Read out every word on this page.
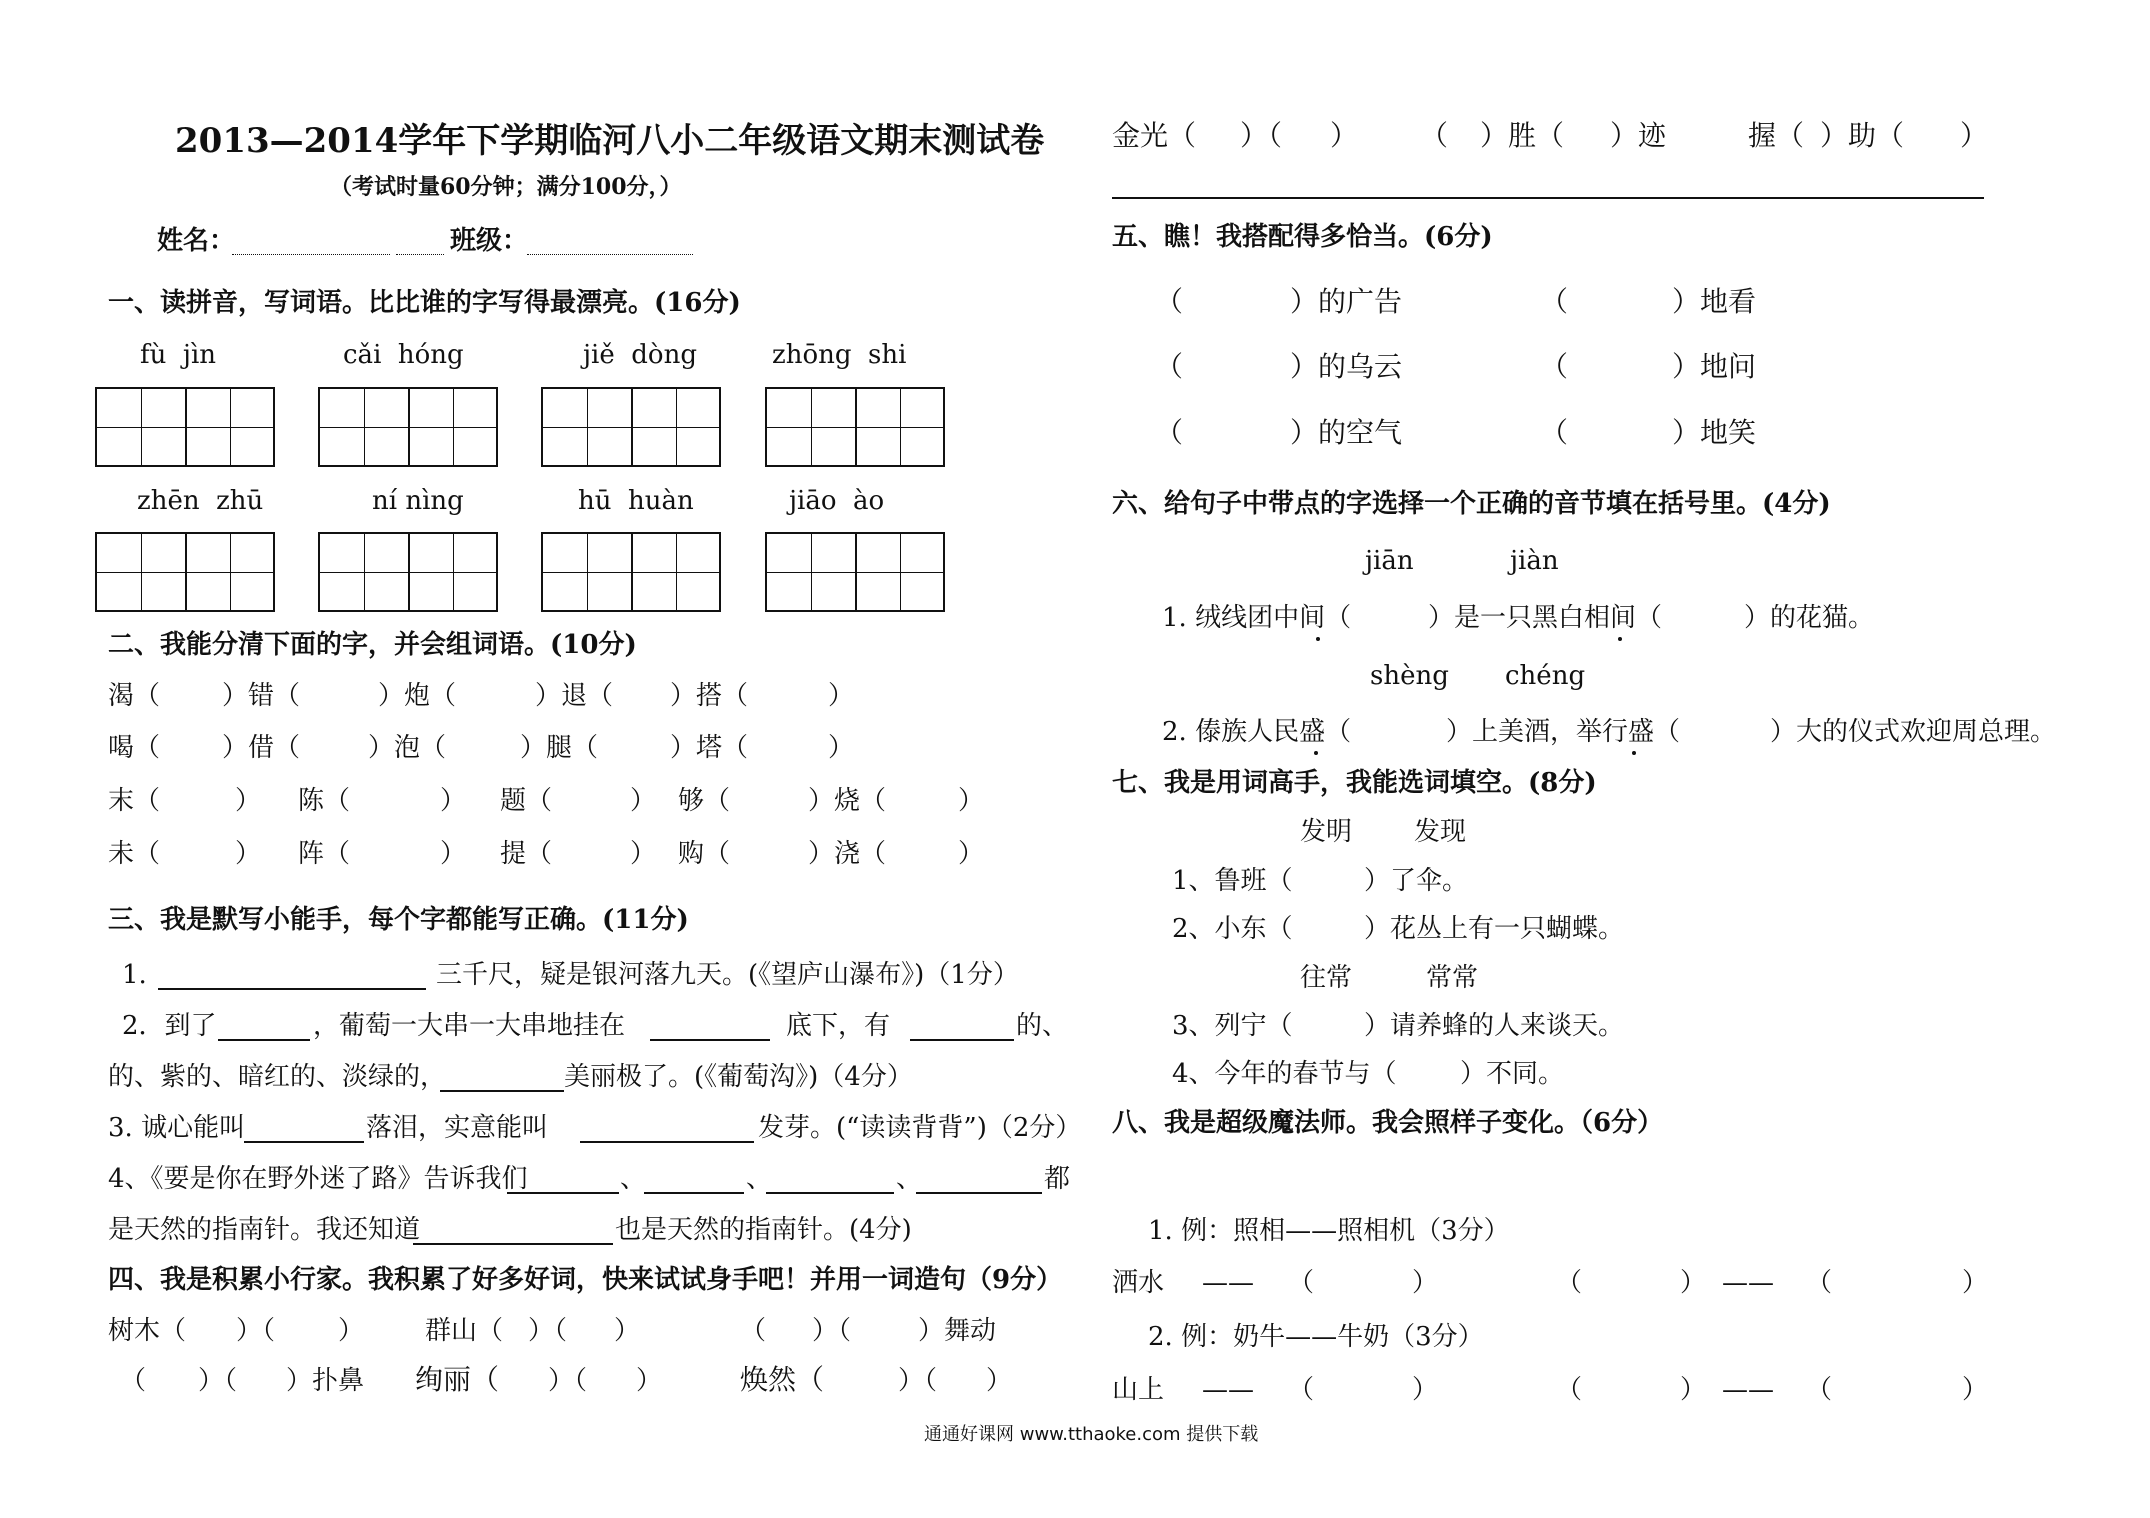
2013—2014学年下学期临河八小二年级语文期末测试卷
（考试时量60分钟；满分100分，）
姓名：	班级：
一、读拼音，写词语。比比谁的字写得最漂亮。(16分)
fù  jìn	cǎi  hóng	jiě  dòng	zhōng  shi
zhēn  zhū	ní nìng	hū  huàn	jiāo  ào
二、我能分清下面的字，并会组词语。(10分)
渴（ ）错（	）炮（	）退（ ）搭（	）
喝（ ）借（	）泡（	）腿（	）塔（	）
末（	） 陈（	） 题（	） 够（	）烧（	）
未（	） 阵（	） 提（	） 购（	）浇（	）
三、我是默写小能手，每个字都能写正确。(11分)
1.	三千尺，疑是银河落九天。(《望庐山瀑布》)（1分）
2．到了	，葡萄一大串一大串地挂在	底下，有	的、
的、紫的、暗红的、淡绿的，	美丽极了。(《葡萄沟》)（4分）
3. 诚心能叫	落泪，实意能叫	发芽。(“读读背背”)（2分）
4、《要是你在野外迷了路》告诉我们	、	、	、	都
是天然的指南针。我还知道	也是天然的指南针。(4分)
四、我是积累小行家。我积累了好多好词，快来试试身手吧！并用一词造句（9分）
树木（ ）（ ） 群山（ ）（ ）	（ ）（	）舞动
（ ）（ ）扑鼻 绚丽（ ）（ ）	焕然（	）（ ）
金光（ ）（ ） （ ）胜（ ）迹	握（ ）助（ ）
五、瞧！我搭配得多恰当。(6分)
（	）的广告	（	）地看
（	）的乌云	（	）地问
（	）的空气	（	）地笑
六、给句子中带点的字选择一个正确的音节填在括号里。(4分)
jiān	jiàn
1. 绒线团中间（	）是一只黑白相间（	）的花猫。
shèng chéng
2. 傣族人民盛（	）上美酒，举行盛（	）大的仪式欢迎周总理。
七、我是用词高手，我能选词填空。(8分)
发明 发现
1、鲁班（	）了伞。
2、小东（	）花丛上有一只蝴蝶。
往常	常常
3、列宁（	）请养蜂的人来谈天。
4、今年的春节与（ ）不同。
八、我是超级魔法师。我会照样子变化。（6分）
1. 例：照相——照相机（3分）
洒水 —— （	）	（	） —— （	）
2. 例：奶牛——牛奶（3分）
山上 —— （	）	（	） —— （	）
通通好课网 www.tthaoke.com 提供下载
